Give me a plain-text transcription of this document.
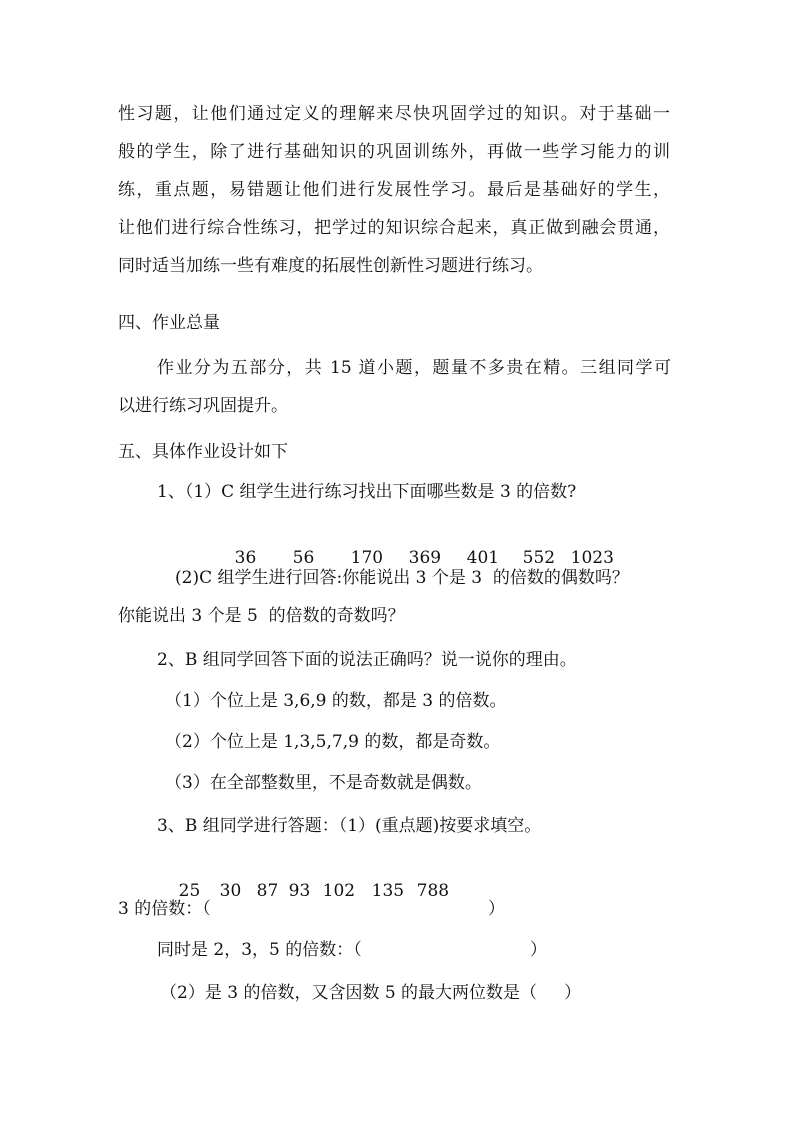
性习题，让他们通过定义的理解来尽快巩固学过的知识。对于基础一
般的学生，除了进行基础知识的巩固训练外，再做一些学习能力的训
练，重点题，易错题让他们进行发展性学习。最后是基础好的学生，
让他们进行综合性练习，把学过的知识综合起来，真正做到融会贯通，
同时适当加练一些有难度的拓展性创新性习题进行练习。
四、作业总量
作业分为五部分，共 15 道小题，题量不多贵在精。三组同学可
以进行练习巩固提升。
五、具体作业设计如下
1、（1）C 组学生进行练习找出下面哪些数是 3 的倍数?

36 56 170 369 401 552 1023

(2)C 组学生进行回答:你能说出 3 个是 3  的倍数的偶数吗？
你能说出 3 个是 5  的倍数的奇数吗？
2、B 组同学回答下面的说法正确吗？说一说你的理由。
（1）个位上是 3,6,9 的数，都是 3 的倍数。
（2）个位上是 1,3,5,7,9 的数，都是奇数。
（3）在全部整数里，不是奇数就是偶数。
3、B 组同学进行答题：（1）(重点题)按要求填空。

25 30 87 93 102 135 788

3 的倍数：（	）
同时是 2，3，5 的倍数：（	）
（2）是 3 的倍数，又含因数 5 的最大两位数是（     ）
